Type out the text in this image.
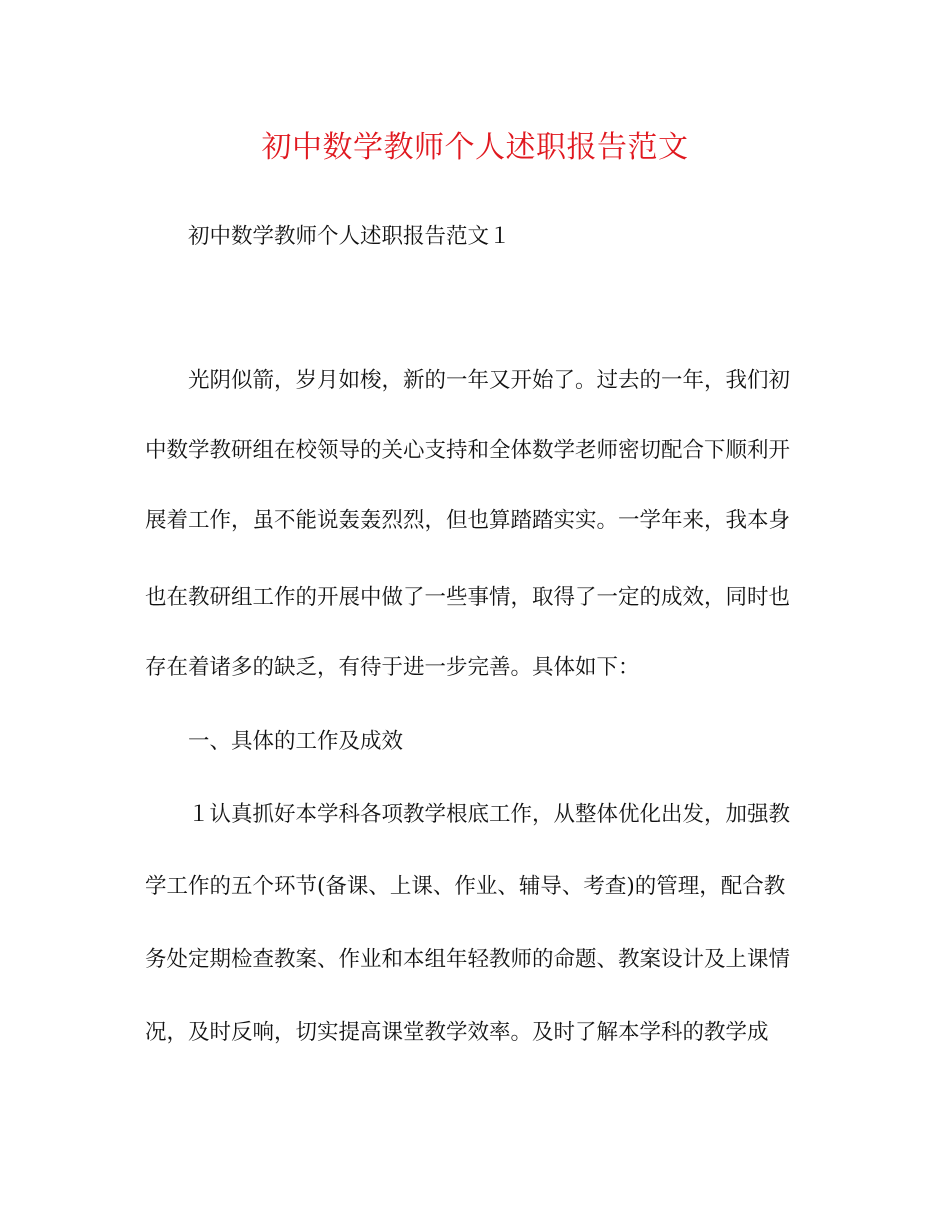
初中数学教师个人述职报告范文
初中数学教师个人述职报告范文１
光阴似箭，岁月如梭，新的一年又开始了。过去的一年，我们初
中数学教研组在校领导的关心支持和全体数学老师密切配合下顺利开
展着工作，虽不能说轰轰烈烈，但也算踏踏实实。一学年来，我本身
也在教研组工作的开展中做了一些事情，取得了一定的成效，同时也
存在着诸多的缺乏，有待于进一步完善。具体如下：
一、具体的工作及成效
１认真抓好本学科各项教学根底工作，从整体优化出发，加强教
学工作的五个环节(备课、上课、作业、辅导、考查)的管理，配合教
务处定期检查教案、作业和本组年轻教师的命题、教案设计及上课情
况，及时反响，切实提高课堂教学效率。及时了解本学科的教学成
